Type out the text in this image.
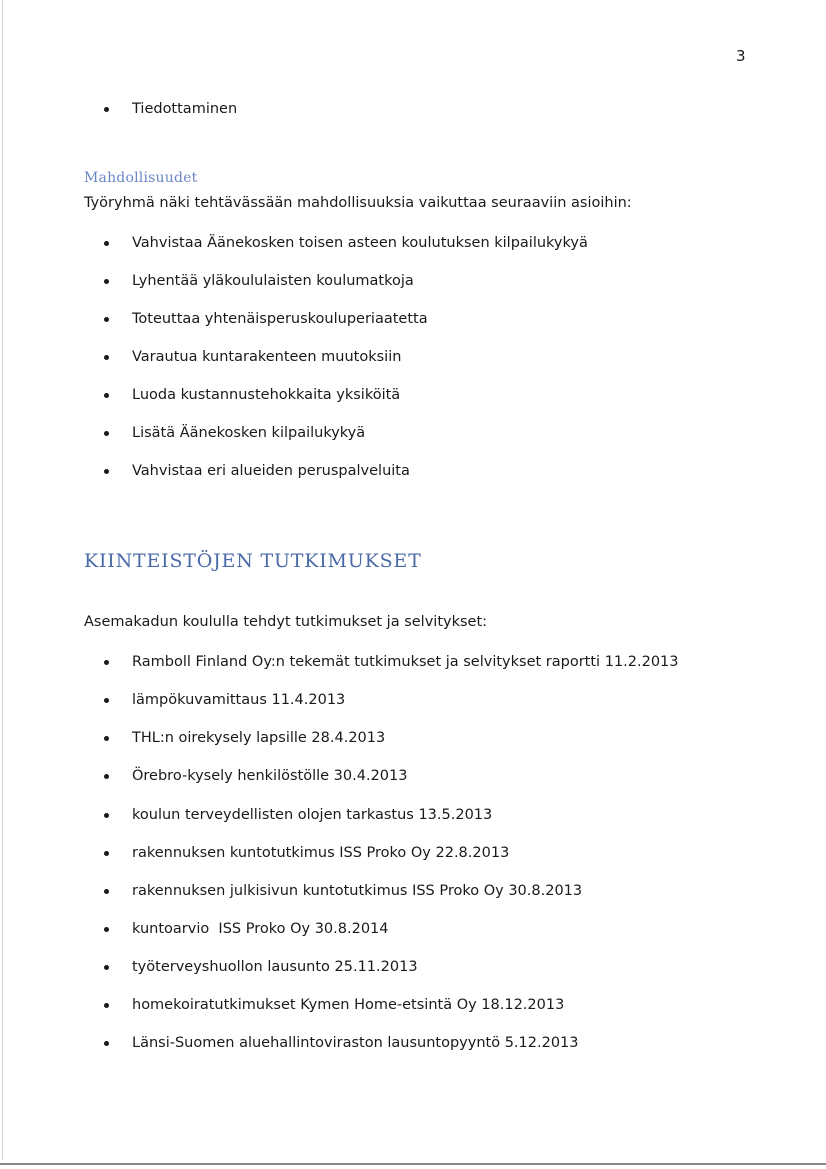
3
Tiedottaminen
Mahdollisuudet
Työryhmä näki tehtävässään mahdollisuuksia vaikuttaa seuraaviin asioihin:
Vahvistaa Äänekosken toisen asteen koulutuksen kilpailukykyä
Lyhentää yläkoululaisten koulumatkoja
Toteuttaa yhtenäisperuskouluperiaatetta
Varautua kuntarakenteen muutoksiin
Luoda kustannustehokkaita yksiköitä
Lisätä Äänekosken kilpailukykyä
Vahvistaa eri alueiden peruspalveluita
KIINTEISTÖJEN TUTKIMUKSET
Asemakadun koululla tehdyt tutkimukset ja selvitykset:
Ramboll Finland Oy:n tekemät tutkimukset ja selvitykset raportti 11.2.2013
lämpökuvamittaus 11.4.2013
THL:n oirekysely lapsille 28.4.2013
Örebro-kysely henkilöstölle 30.4.2013
koulun terveydellisten olojen tarkastus 13.5.2013
rakennuksen kuntotutkimus ISS Proko Oy 22.8.2013
rakennuksen julkisivun kuntotutkimus ISS Proko Oy 30.8.2013
kuntoarvio  ISS Proko Oy 30.8.2014
työterveyshuollon lausunto 25.11.2013
homekoiratutkimukset Kymen Home-etsintä Oy 18.12.2013
Länsi-Suomen aluehallintoviraston lausuntopyyntö 5.12.2013
